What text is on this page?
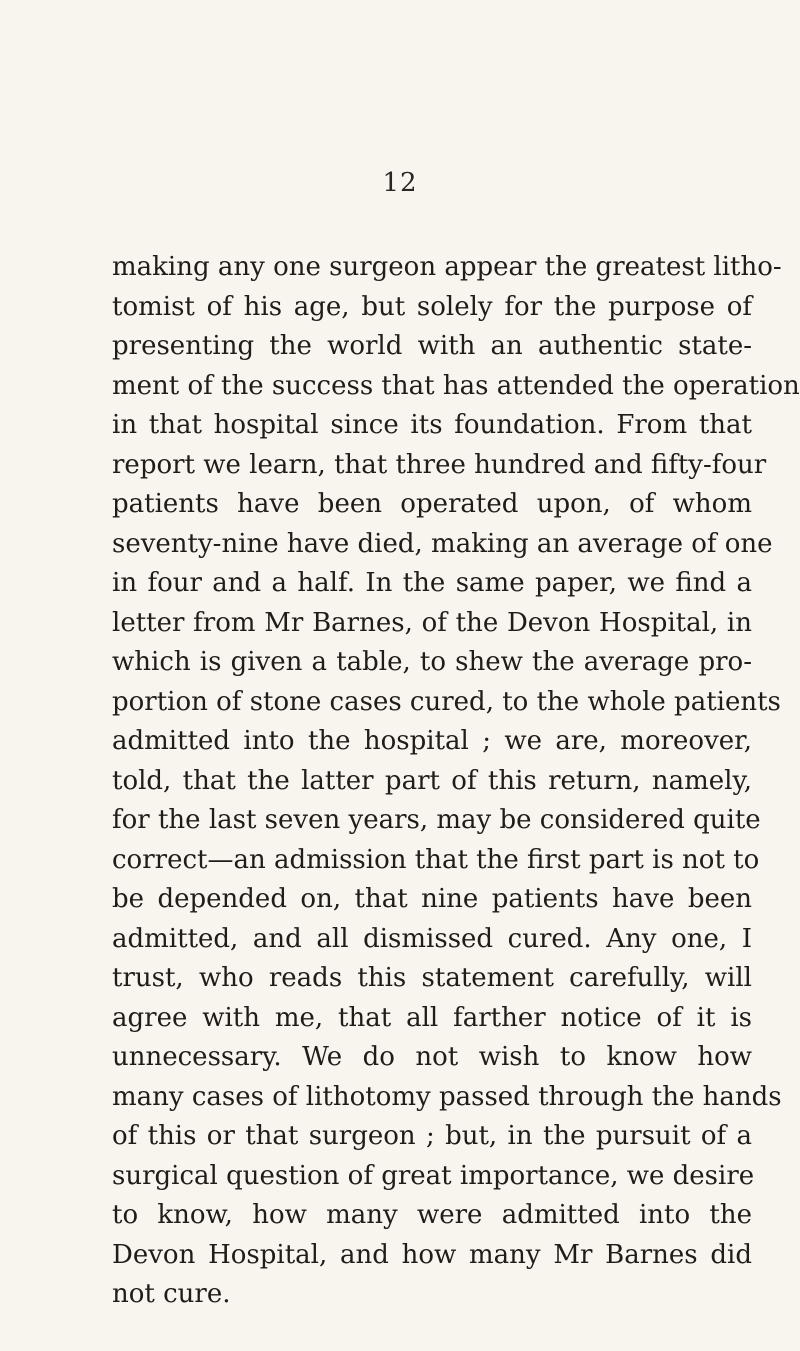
12
making any one surgeon appear the greatest litho-
tomist of his age, but solely for the purpose of
presenting the world with an authentic state-
ment of the success that has attended the operation
in that hospital since its foundation. From that
report we learn, that three hundred and fifty-four
patients have been operated upon, of whom
seventy-nine have died, making an average of one
in four and a half. In the same paper, we find a
letter from Mr Barnes, of the Devon Hospital, in
which is given a table, to shew the average pro-
portion of stone cases cured, to the whole patients
admitted into the hospital ; we are, moreover,
told, that the latter part of this return, namely,
for the last seven years, may be considered quite
correct—an admission that the first part is not to
be depended on, that nine patients have been
admitted, and all dismissed cured. Any one, I
trust, who reads this statement carefully, will
agree with me, that all farther notice of it is
unnecessary. We do not wish to know how
many cases of lithotomy passed through the hands
of this or that surgeon ; but, in the pursuit of a
surgical question of great importance, we desire
to know, how many were admitted into the
Devon Hospital, and how many Mr Barnes did
not cure.
